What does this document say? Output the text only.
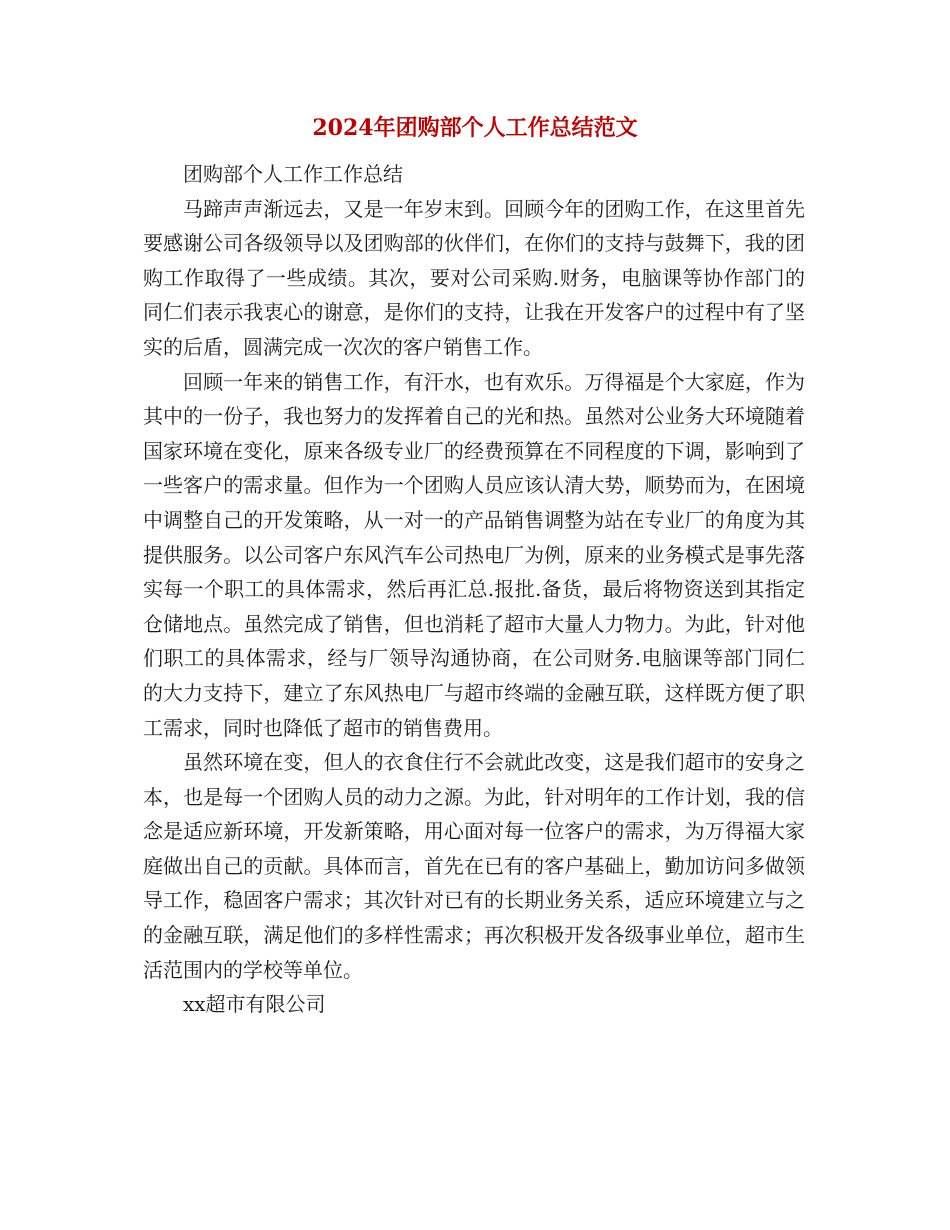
2024年团购部个人工作总结范文

团购部个人工作工作总结

马蹄声声渐远去，又是一年岁末到。回顾今年的团购工作，在这里首先要感谢公司各级领导以及团购部的伙伴们，在你们的支持与鼓舞下，我的团购工作取得了一些成绩。其次，要对公司采购.财务，电脑课等协作部门的同仁们表示我衷心的谢意，是你们的支持，让我在开发客户的过程中有了坚实的后盾，圆满完成一次次的客户销售工作。

回顾一年来的销售工作，有汗水，也有欢乐。万得福是个大家庭，作为其中的一份子，我也努力的发挥着自己的光和热。虽然对公业务大环境随着国家环境在变化，原来各级专业厂的经费预算在不同程度的下调，影响到了一些客户的需求量。但作为一个团购人员应该认清大势，顺势而为，在困境中调整自己的开发策略，从一对一的产品销售调整为站在专业厂的角度为其提供服务。以公司客户东风汽车公司热电厂为例，原来的业务模式是事先落实每一个职工的具体需求，然后再汇总.报批.备货，最后将物资送到其指定仓储地点。虽然完成了销售，但也消耗了超市大量人力物力。为此，针对他们职工的具体需求，经与厂领导沟通协商，在公司财务.电脑课等部门同仁的大力支持下，建立了东风热电厂与超市终端的金融互联，这样既方便了职工需求，同时也降低了超市的销售费用。

虽然环境在变，但人的衣食住行不会就此改变，这是我们超市的安身之本，也是每一个团购人员的动力之源。为此，针对明年的工作计划，我的信念是适应新环境，开发新策略，用心面对每一位客户的需求，为万得福大家庭做出自己的贡献。具体而言，首先在已有的客户基础上，勤加访问多做领导工作，稳固客户需求；其次针对已有的长期业务关系，适应环境建立与之的金融互联，满足他们的多样性需求；再次积极开发各级事业单位，超市生活范围内的学校等单位。

xx超市有限公司
